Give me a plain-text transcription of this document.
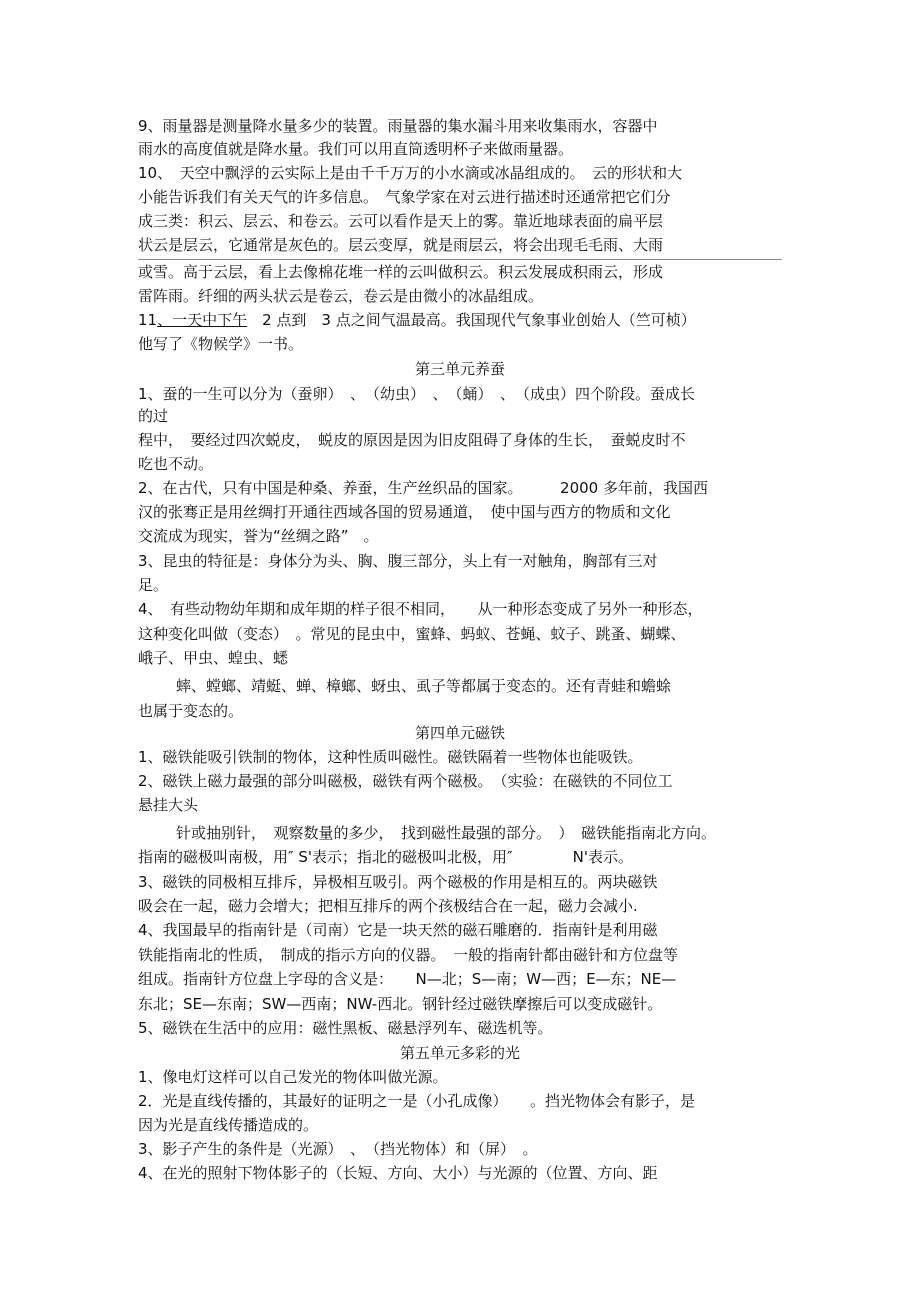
9、雨量器是测量降水量多少的装置。雨量器的集水漏斗用来收集雨水，容器中
雨水的高度值就是降水量。我们可以用直筒透明杯子来做雨量器。
10、　天空中飘浮的云实际上是由千千万万的小水滴或冰晶组成的。　云的形状和大
小能告诉我们有关天气的许多信息。　气象学家在对云进行描述时还通常把它们分
成三类：积云、层云、和卷云。云可以看作是天上的雾。靠近地球表面的扁平层
状云是层云，它通常是灰色的。层云变厚，就是雨层云，将会出现毛毛雨、大雨
或雪。高于云层，看上去像棉花堆一样的云叫做积云。积云发展成积雨云，形成
雷阵雨。纤细的两头状云是卷云，卷云是由微小的冰晶组成。
11、一天中下午　2 点到　3 点之间气温最高。我国现代气象事业创始人（竺可桢）
他写了《物候学》一书。
第三单元养蚕
1、蚕的一生可以分为（蚕卵）　、　（幼虫）　、　（蛹）　、　（成虫）四个阶段。蚕成长
的过
程中，　要经过四次蜕皮，　蜕皮的原因是因为旧皮阻碍了身体的生长，　蚕蜕皮时不
吃也不动。
2、在古代，只有中国是种桑、养蚕，生产丝织品的国家。　　　2000 多年前，我国西
汉的张骞正是用丝绸打开通往西域各国的贸易通道，　使中国与西方的物质和文化
交流成为现实，誉为“丝绸之路”　。
3、昆虫的特征是：身体分为头、胸、腹三部分，头上有一对触角，胸部有三对
足。
4、　有些动物幼年期和成年期的样子很不相同，　　从一种形态变成了另外一种形态，
这种变化叫做（变态）　。常见的昆虫中，蜜蜂、蚂蚁、苍蝇、蚊子、跳蚤、蝴蝶、
峨子、甲虫、蝗虫、蟋
蟀、螳螂、靖蜓、蝉、樟螂、蚜虫、虱子等都属于变态的。还有青蛙和蟾蜍
也属于变态的。
第四单元磁铁
1、磁铁能吸引铁制的物体，这种性质叫磁性。磁铁隔着一些物体也能吸铁。
2、磁铁上磁力最强的部分叫磁极，磁铁有两个磁极。　（实验：在磁铁的不同位工
悬挂大头
针或抽别针，　观察数量的多少，　找到磁性最强的部分。　）　磁铁能指南北方向。
指南的磁极叫南极，用″ S'表示；指北的磁极叫北极，用″　　　　N'表示。
3、磁铁的同极相互排斥，异极相互吸引。两个磁极的作用是相互的。两块磁铁
吸会在一起，磁力会增大；把相互排斥的两个孩极结合在一起，磁力会减小.
4、我国最早的指南针是（司南）它是一块天然的磁石雕磨的．指南针是利用磁
铁能指南北的性质，　制成的指示方向的仪器。　一般的指南针都由磁针和方位盘等
组成。指南针方位盘上字母的含义是：　　N—北；S—南；W—西；E—东；NE—
东北；SE—东南；SW—西南；NW-西北。钢针经过磁铁摩擦后可以变成磁针。
5、磁铁在生活中的应用：磁性黑板、磁悬浮列车、磁选机等。
第五单元多彩的光
1、像电灯这样可以自己发光的物体叫做光源。
2．光是直线传播的，其最好的证明之一是（小孔成像）　　。挡光物体会有影子，是
因为光是直线传播造成的。
3、影子产生的条件是（光源）　、　（挡光物体）和（屏）　。
4、在光的照射下物体影子的（长短、方向、大小）与光源的（位置、方向、距
